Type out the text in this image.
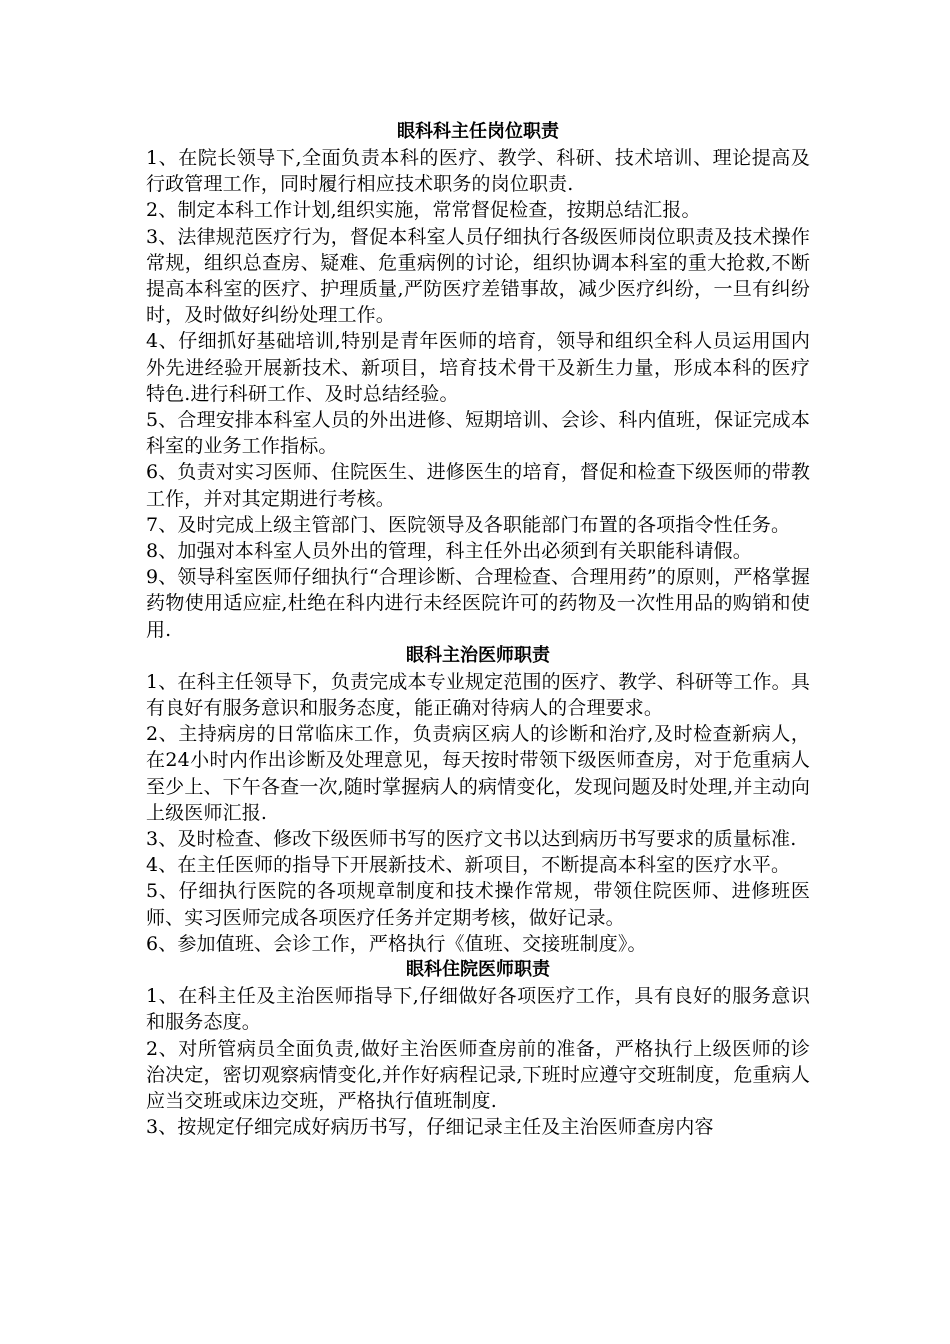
眼科科主任岗位职责

1、在院长领导下,全面负责本科的医疗、教学、科研、技术培训、理论提高及行政管理工作，同时履行相应技术职务的岗位职责.

2、制定本科工作计划,组织实施，常常督促检查，按期总结汇报。

3、法律规范医疗行为，督促本科室人员仔细执行各级医师岗位职责及技术操作常规，组织总查房、疑难、危重病例的讨论，组织协调本科室的重大抢救,不断提高本科室的医疗、护理质量,严防医疗差错事故，减少医疗纠纷，一旦有纠纷时，及时做好纠纷处理工作。

4、仔细抓好基础培训,特别是青年医师的培育，领导和组织全科人员运用国内外先进经验开展新技术、新项目，培育技术骨干及新生力量，形成本科的医疗特色.进行科研工作、及时总结经验。

5、合理安排本科室人员的外出进修、短期培训、会诊、科内值班，保证完成本科室的业务工作指标。

6、负责对实习医师、住院医生、进修医生的培育，督促和检查下级医师的带教工作，并对其定期进行考核。

7、及时完成上级主管部门、医院领导及各职能部门布置的各项指令性任务。

8、加强对本科室人员外出的管理，科主任外出必须到有关职能科请假。

9、领导科室医师仔细执行“合理诊断、合理检查、合理用药”的原则，严格掌握药物使用适应症,杜绝在科内进行未经医院许可的药物及一次性用品的购销和使用.

眼科主治医师职责

1、在科主任领导下，负责完成本专业规定范围的医疗、教学、科研等工作。具有良好有服务意识和服务态度，能正确对待病人的合理要求。

2、主持病房的日常临床工作，负责病区病人的诊断和治疗,及时检查新病人，在24小时内作出诊断及处理意见，每天按时带领下级医师查房，对于危重病人至少上、下午各查一次,随时掌握病人的病情变化，发现问题及时处理,并主动向上级医师汇报.

3、及时检查、修改下级医师书写的医疗文书以达到病历书写要求的质量标准.

4、在主任医师的指导下开展新技术、新项目，不断提高本科室的医疗水平。

5、仔细执行医院的各项规章制度和技术操作常规，带领住院医师、进修班医师、实习医师完成各项医疗任务并定期考核，做好记录。

6、参加值班、会诊工作，严格执行《值班、交接班制度》。

眼科住院医师职责

1、在科主任及主治医师指导下,仔细做好各项医疗工作，具有良好的服务意识和服务态度。

2、对所管病员全面负责,做好主治医师查房前的准备，严格执行上级医师的诊治决定，密切观察病情变化,并作好病程记录,下班时应遵守交班制度，危重病人应当交班或床边交班，严格执行值班制度.

3、按规定仔细完成好病历书写，仔细记录主任及主治医师查房内容
